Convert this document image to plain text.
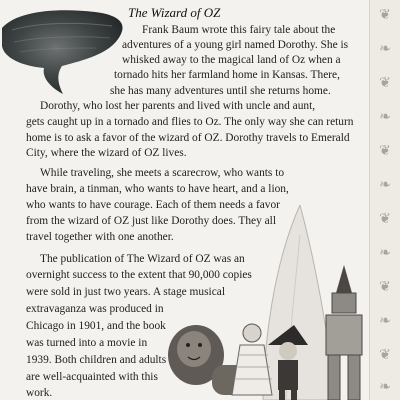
❦
❧
❦
❧
❦
❧
❦
❧
❦
❧
❦
❧
The Wizard of OZ
Frank Baum wrote this fairy tale about the
adventures of a young girl named Dorothy. She is
whisked away to the magical land of Oz when a
tornado hits her farmland home in Kansas. There,
she has many adventures until she returns home.
Dorothy, who lost her parents and lived with uncle and aunt,
gets caught up in a tornado and flies to Oz. The only way she can return
home is to ask a favor of the wizard of OZ. Dorothy travels to Emerald
City, where the wizard of OZ lives.
While traveling, she meets a scarecrow, who wants to
have brain, a tinman, who wants to have heart, and a lion,
who wants to have courage. Each of them needs a favor
from the wizard of OZ just like Dorothy does. They all
travel together with one another.
The publication of The Wizard of OZ was an
overnight success to the extent that 90,000 copies
were sold in just two years. A stage musical
extravaganza was produced in
Chicago in 1901, and the book
was turned into a movie in
1939. Both children and adults
are well-acquainted with this
work.
